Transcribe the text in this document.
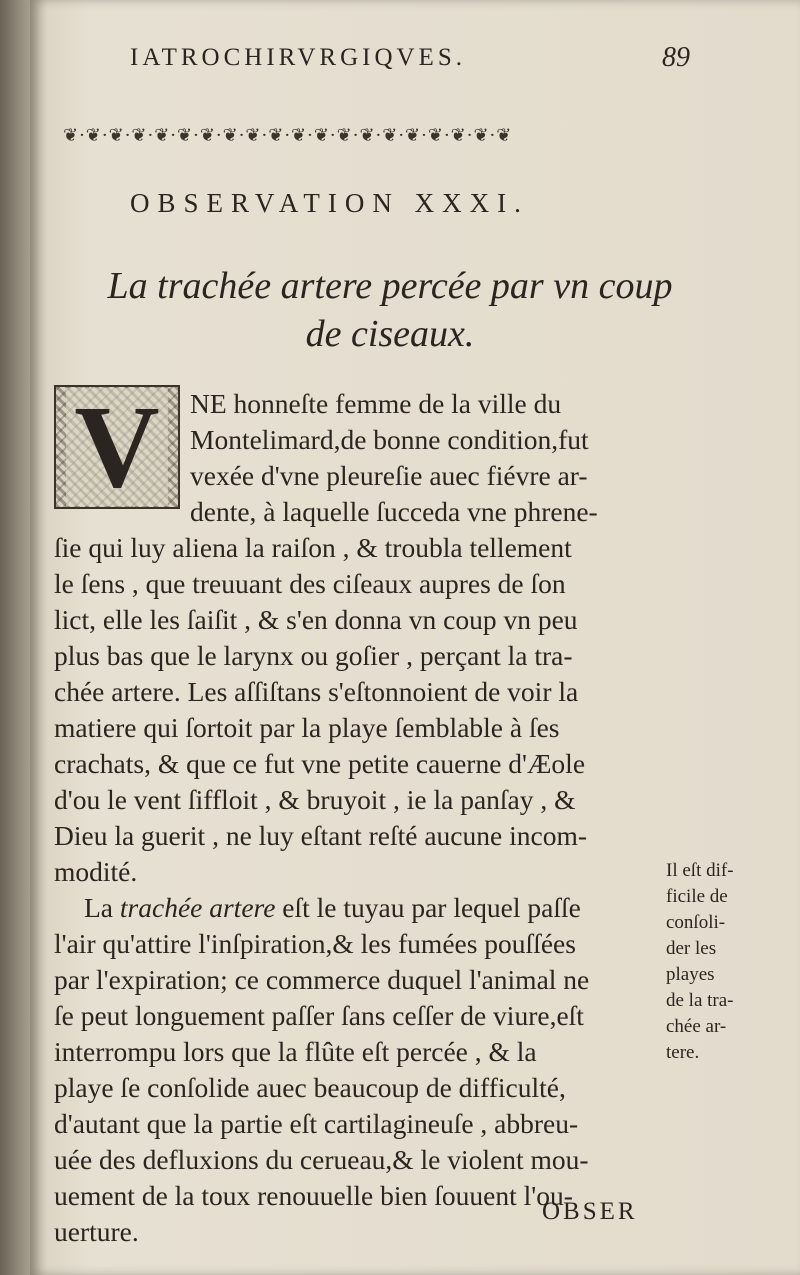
IATROCHIRVRGIQVES.	89
❦·❦·❦·❦·❦·❦·❦·❦·❦·❦·❦·❦·❦·❦·❦·❦·❦·❦·❦·❦
OBSERVATION XXXI.
La trachée artere percée par vn coup
de ciseaux.
V NE honneſte femme de la ville du
Montelimard,de bonne condition,fut
vexée d'vne pleureſie auec fiévre ar-
dente, à laquelle ſucceda vne phrene-
ſie qui luy aliena la raiſon , & troubla tellement
le ſens , que treuuant des ciſeaux aupres de ſon
lict, elle les ſaiſit , & s'en donna vn coup vn peu
plus bas que le larynx ou goſier , perçant la tra-
chée artere. Les aſſiſtans s'eſtonnoient de voir la
matiere qui ſortoit par la playe ſemblable à ſes
crachats, & que ce fut vne petite cauerne d'Æole
d'ou le vent ſiffloit , & bruyoit , ie la panſay , &
Dieu la guerit , ne luy eſtant reſté aucune incom-
modité.
La trachée artere eſt le tuyau par lequel paſſe
l'air qu'attire l'inſpiration,& les fumées pouſſées
par l'expiration; ce commerce duquel l'animal ne
ſe peut longuement paſſer ſans ceſſer de viure,eſt
interrompu lors que la flûte eſt percée , & la
playe ſe conſolide auec beaucoup de difficulté,
d'autant que la partie eſt cartilagineuſe , abbreu-
uée des defluxions du cerueau,& le violent mou-
uement de la toux renouuelle bien ſouuent l'ou-
uerture.
Il eſt dif-
ficile de
conſoli-
der les
playes
de la tra-
chée ar-
tere.
OBSER
